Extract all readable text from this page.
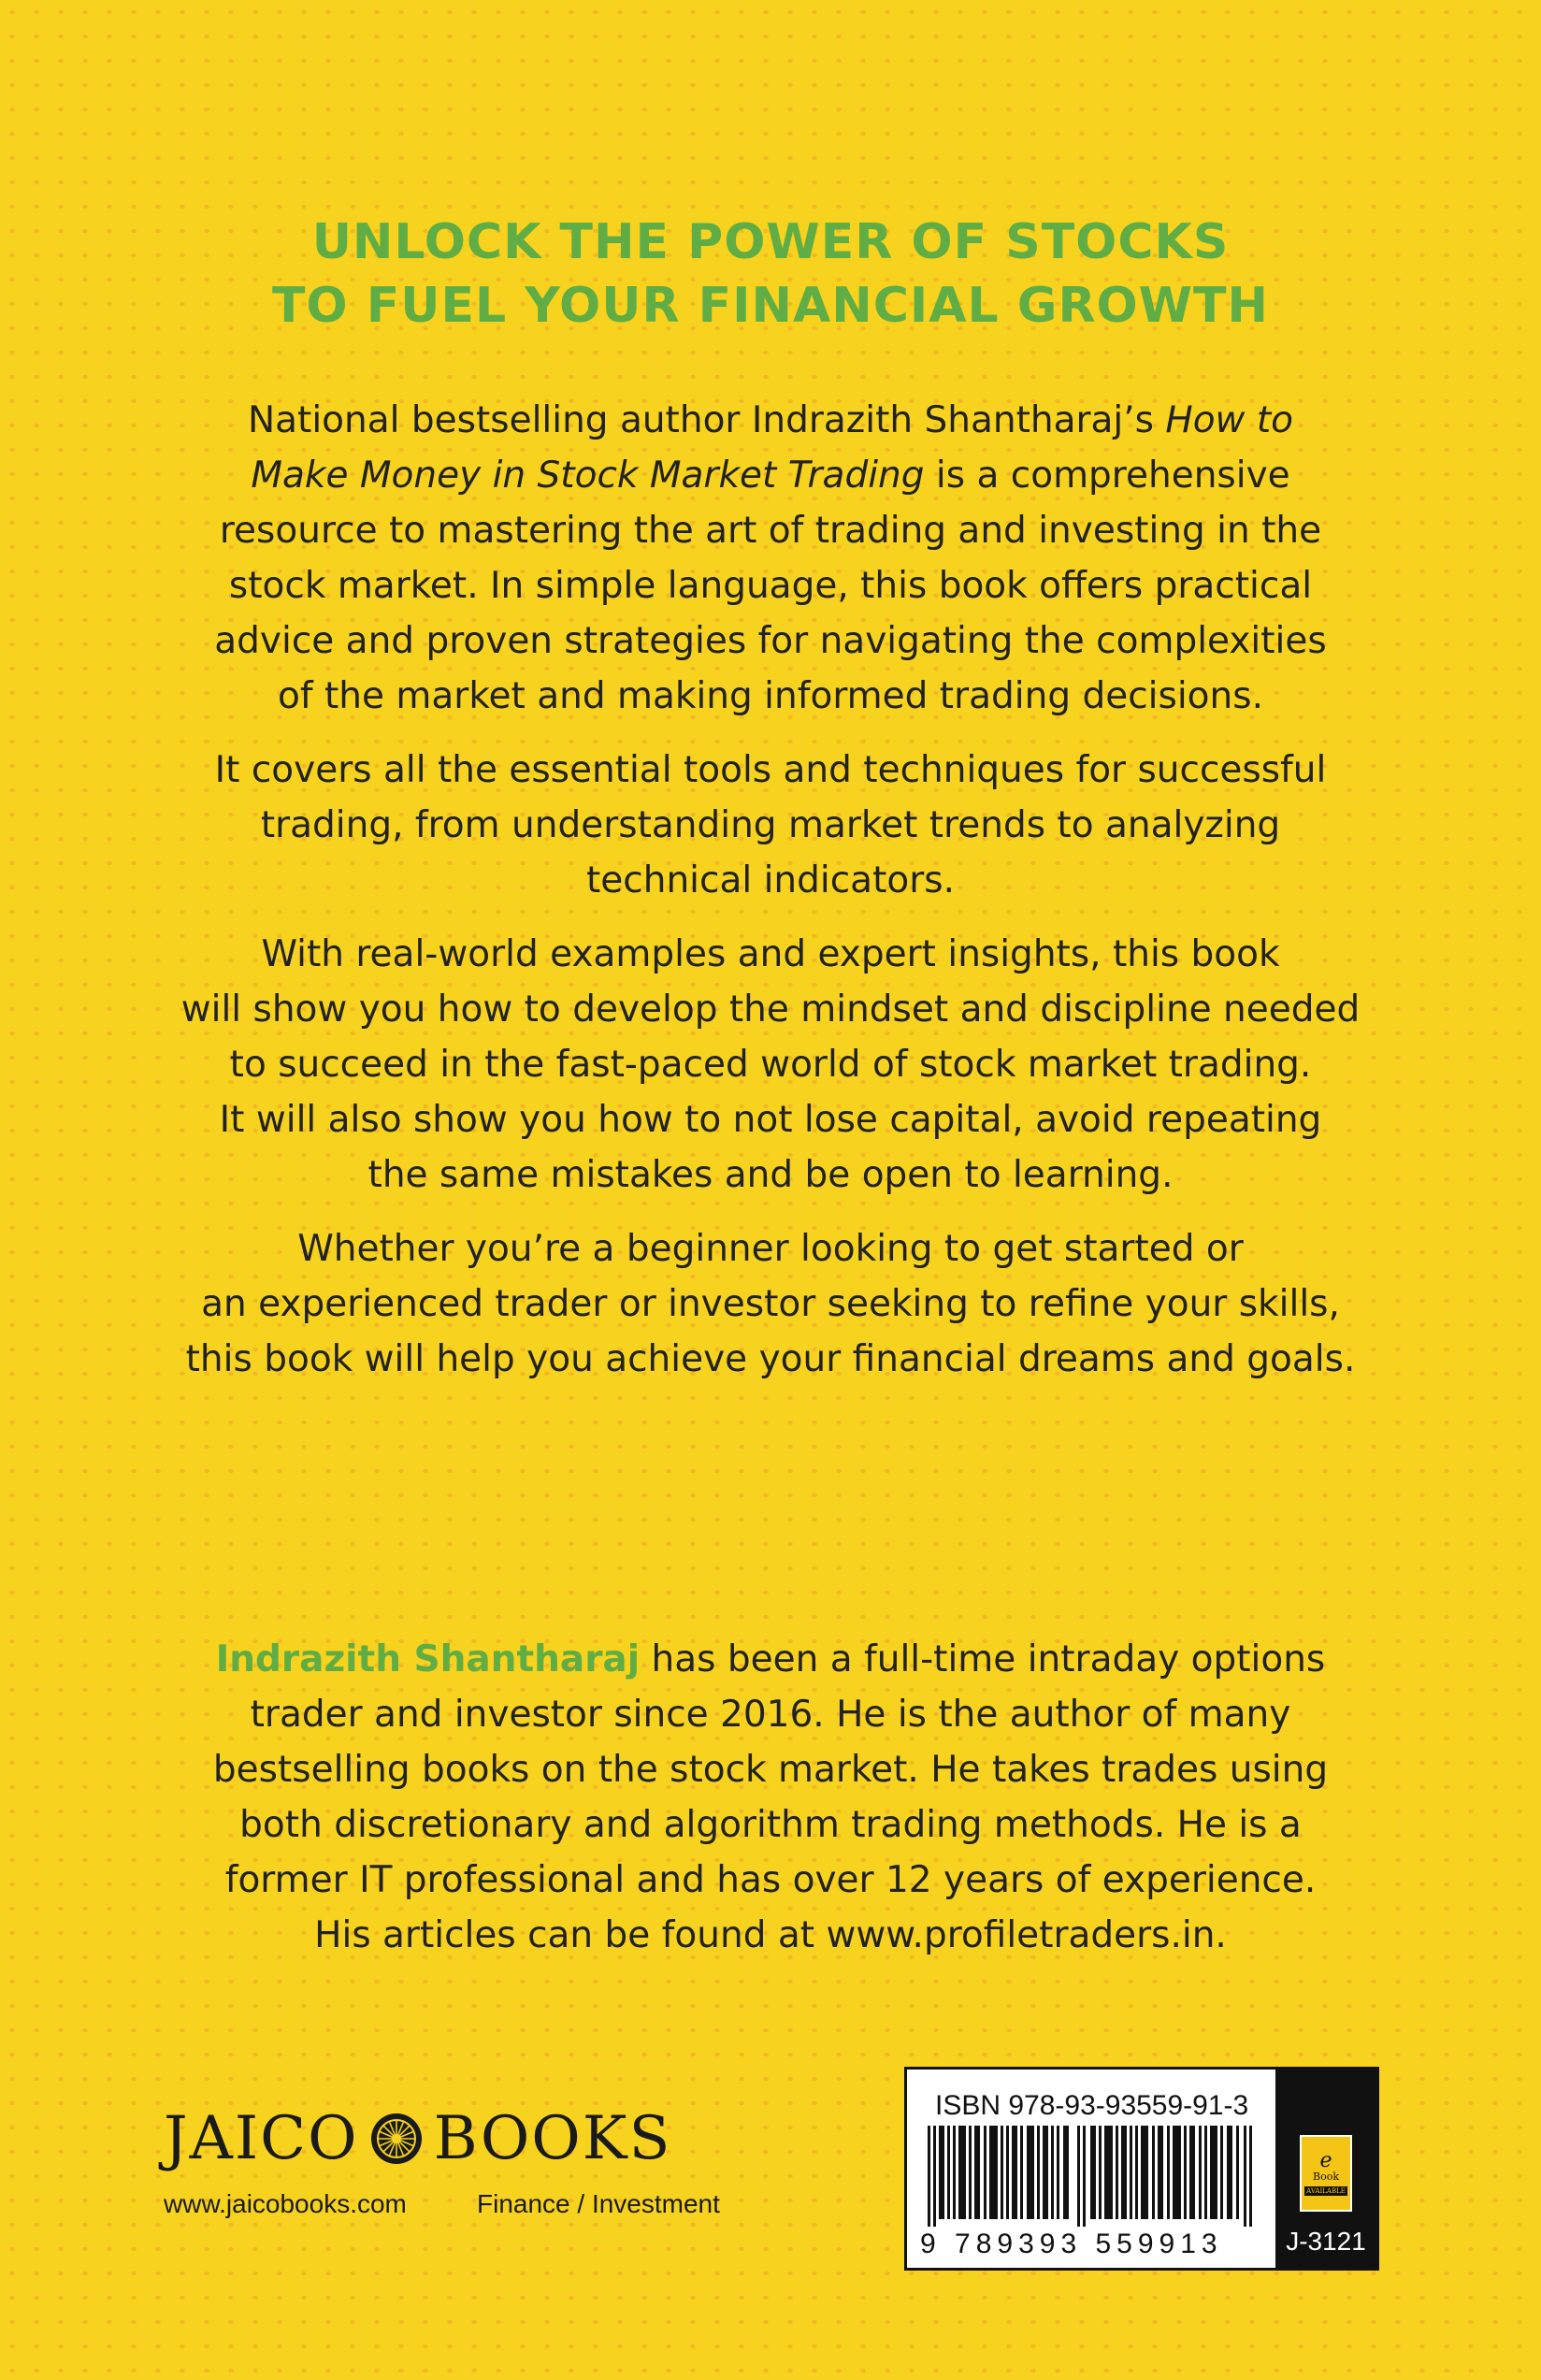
UNLOCK THE POWER OF STOCKS
TO FUEL YOUR FINANCIAL GROWTH

National bestselling author Indrazith Shantharaj’s How to
Make Money in Stock Market Trading is a comprehensive
resource to mastering the art of trading and investing in the
stock market. In simple language, this book offers practical
advice and proven strategies for navigating the complexities
of the market and making informed trading decisions.

It covers all the essential tools and techniques for successful
trading, from understanding market trends to analyzing
technical indicators.

With real-world examples and expert insights, this book
will show you how to develop the mindset and discipline needed
to succeed in the fast-paced world of stock market trading.
It will also show you how to not lose capital, avoid repeating
the same mistakes and be open to learning.

Whether you’re a beginner looking to get started or
an experienced trader or investor seeking to refine your skills,
this book will help you achieve your financial dreams and goals.

Indrazith Shantharaj has been a full-time intraday options
trader and investor since 2016. He is the author of many
bestselling books on the stock market. He takes trades using
both discretionary and algorithm trading methods. He is a
former IT professional and has over 12 years of experience.
His articles can be found at www.profiletraders.in.
JAICO BOOKS
www.jaicobooks.com	Finance / Investment
ISBN 978-93-93559-91-3
9 789393 559913
e
Book
AVAILABLE
J-3121
